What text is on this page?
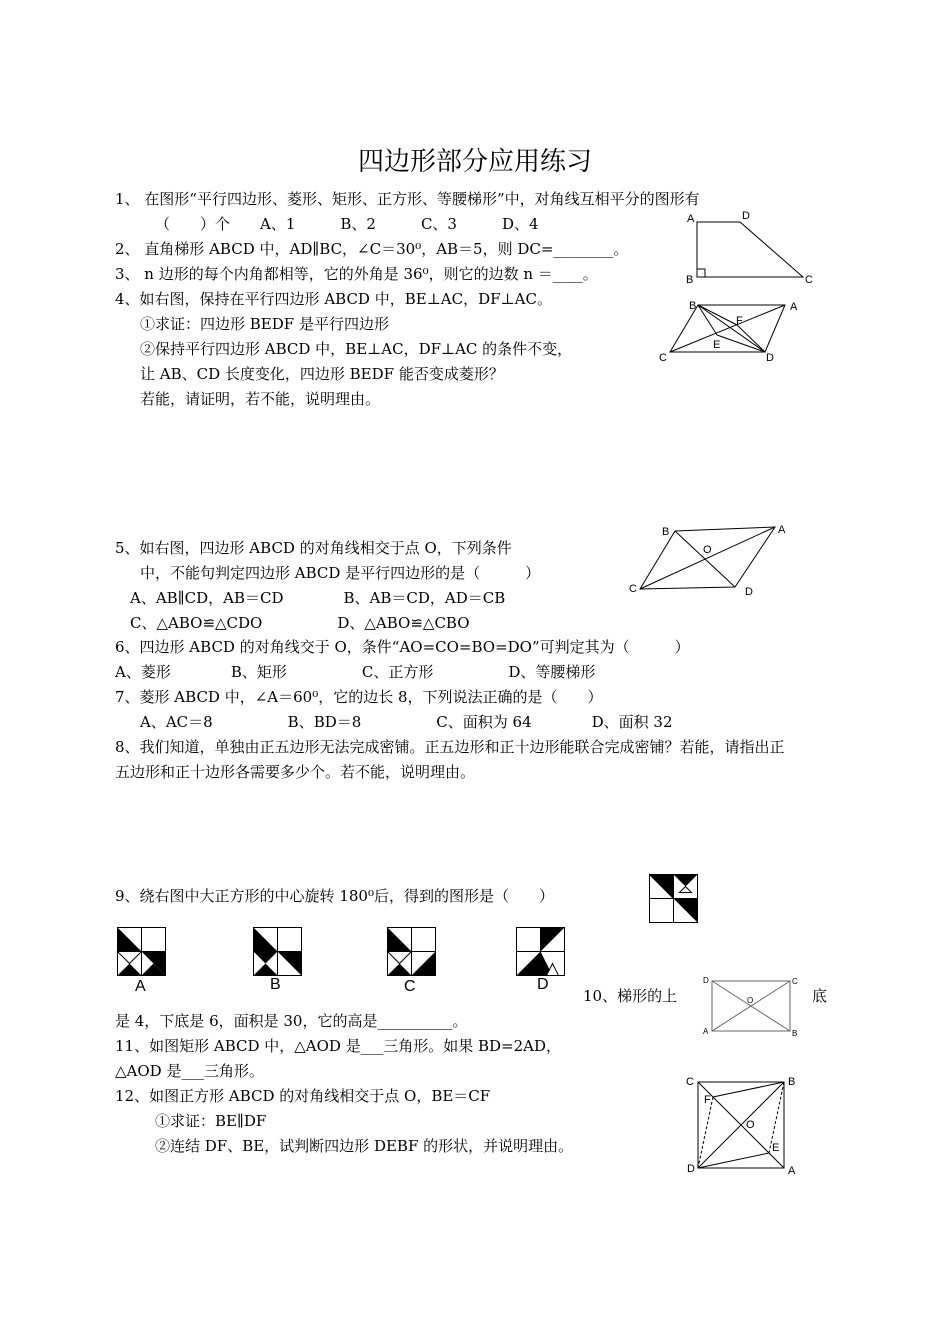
四边形部分应用练习
1、 在图形“平行四边形、菱形、矩形、正方形、等腰梯形”中，对角线互相平分的图形有
（　　）个　　A、1　　　B、2　　　C、3　　　D、4
2、 直角梯形 ABCD 中，AD∥BC，∠C＝30⁰，AB＝5，则 DC=________。
3、 n 边形的每个内角都相等，它的外角是 36⁰，则它的边数 n ＝____。
4、如右图，保持在平行四边形 ABCD 中，BE⊥AC，DF⊥AC。
①求证：四边形 BEDF 是平行四边形
②保持平行四边形 ABCD 中，BE⊥AC，DF⊥AC 的条件不变，
让 AB、CD 长度变化，四边形 BEDF 能否变成菱形？
若能，请证明，若不能，说明理由。
5、如右图，四边形 ABCD 的对角线相交于点 O，下列条件
中，不能句判定四边形 ABCD 是平行四边形的是（　　　）
A、AB∥CD，AB＝CD　　　　B、AB＝CD，AD＝CB
C、△ABO≌△CDO　　　　　D、△ABO≌△CBO
6、四边形 ABCD 的对角线交于 O，条件“AO=CO=BO=DO”可判定其为（　　　）
A、菱形　　　　B、矩形　　　　　C、正方形　　　　　D、等腰梯形
7、菱形 ABCD 中，∠A＝60⁰，它的边长 8，下列说法正确的是（　　）
A、AC＝8　　　　　B、BD＝8　　　　　C、面积为 64　　　　D、面积 32
8、我们知道，单独由正五边形无法完成密铺。正五边形和正十边形能联合完成密铺？若能，请指出正
五边形和正十边形各需要多少个。若不能，说明理由。
9、绕右图中大正方形的中心旋转 180⁰后，得到的图形是（　　）
10、梯形的上	底
是 4，下底是 6，面积是 30，它的高是__________。
11、如图矩形 ABCD 中，△AOD 是___三角形。如果 BD=2AD，
△AOD 是___三角形。
12、如图正方形 ABCD 的对角线相交于点 O，BE＝CF
①求证：BE∥DF
②连结 DF、BE，试判断四边形 DEBF 的形状，并说明理由。
A	D
B	C
B	A
F
E
C	D
B	A
O
C	D
A	B	C	D	D	C
O
A	B
C	B
F
O
E
D	A
